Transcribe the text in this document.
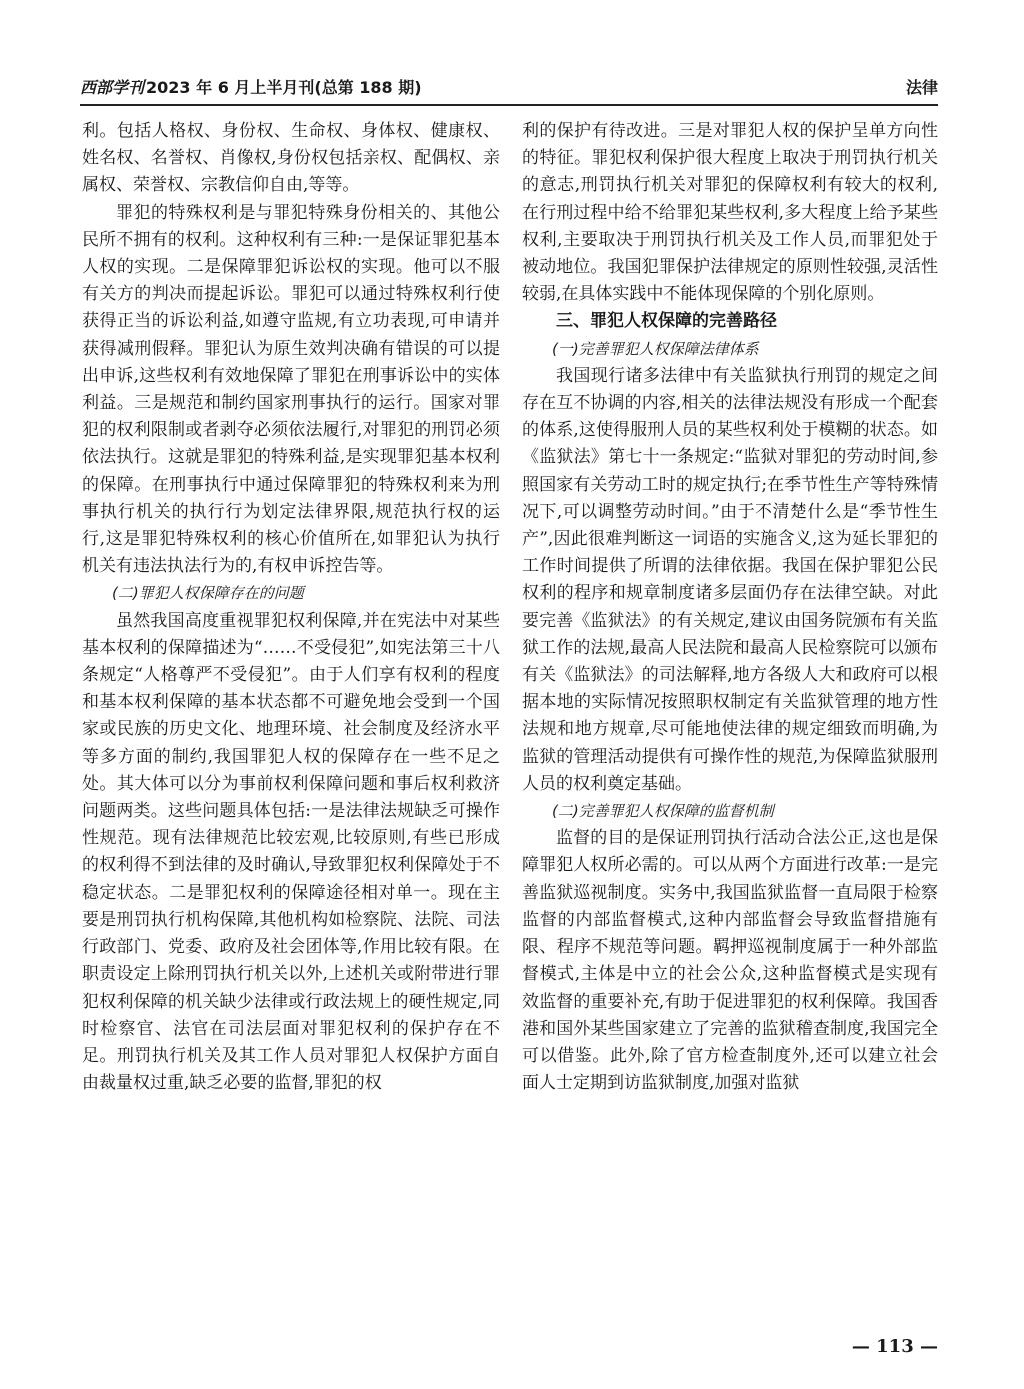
西部学刊 2023 年 6 月上半月刊(总第 188 期)	法律

利。包括人格权、身份权、生命权、身体权、健康权、姓名权、名誉权、肖像权,身份权包括亲权、配偶权、亲属权、荣誉权、宗教信仰自由,等等。

罪犯的特殊权利是与罪犯特殊身份相关的、其他公民所不拥有的权利。这种权利有三种:一是保证罪犯基本人权的实现。二是保障罪犯诉讼权的实现。他可以不服有关方的判决而提起诉讼。罪犯可以通过特殊权利行使获得正当的诉讼利益,如遵守监规,有立功表现,可申请并获得减刑假释。罪犯认为原生效判决确有错误的可以提出申诉,这些权利有效地保障了罪犯在刑事诉讼中的实体利益。三是规范和制约国家刑事执行的运行。国家对罪犯的权利限制或者剥夺必须依法履行,对罪犯的刑罚必须依法执行。这就是罪犯的特殊利益,是实现罪犯基本权利的保障。在刑事执行中通过保障罪犯的特殊权利来为刑事执行机关的执行行为划定法律界限,规范执行权的运行,这是罪犯特殊权利的核心价值所在,如罪犯认为执行机关有违法执法行为的,有权申诉控告等。

(二)罪犯人权保障存在的问题

虽然我国高度重视罪犯权利保障,并在宪法中对某些基本权利的保障描述为“……不受侵犯”,如宪法第三十八条规定“人格尊严不受侵犯”。由于人们享有权利的程度和基本权利保障的基本状态都不可避免地会受到一个国家或民族的历史文化、地理环境、社会制度及经济水平等多方面的制约,我国罪犯人权的保障存在一些不足之处。其大体可以分为事前权利保障问题和事后权利救济问题两类。这些问题具体包括:一是法律法规缺乏可操作性规范。现有法律规范比较宏观,比较原则,有些已形成的权利得不到法律的及时确认,导致罪犯权利保障处于不稳定状态。二是罪犯权利的保障途径相对单一。现在主要是刑罚执行机构保障,其他机构如检察院、法院、司法行政部门、党委、政府及社会团体等,作用比较有限。在职责设定上除刑罚执行机关以外,上述机关或附带进行罪犯权利保障的机关缺少法律或行政法规上的硬性规定,同时检察官、法官在司法层面对罪犯权利的保护存在不足。刑罚执行机关及其工作人员对罪犯人权保护方面自由裁量权过重,缺乏必要的监督,罪犯的权

利的保护有待改进。三是对罪犯人权的保护呈单方向性的特征。罪犯权利保护很大程度上取决于刑罚执行机关的意志,刑罚执行机关对罪犯的保障权利有较大的权利,在行刑过程中给不给罪犯某些权利,多大程度上给予某些权利,主要取决于刑罚执行机关及工作人员,而罪犯处于被动地位。我国犯罪保护法律规定的原则性较强,灵活性较弱,在具体实践中不能体现保障的个别化原则。

三、罪犯人权保障的完善路径

(一)完善罪犯人权保障法律体系

我国现行诸多法律中有关监狱执行刑罚的规定之间存在互不协调的内容,相关的法律法规没有形成一个配套的体系,这使得服刑人员的某些权利处于模糊的状态。如《监狱法》第七十一条规定:“监狱对罪犯的劳动时间,参照国家有关劳动工时的规定执行;在季节性生产等特殊情况下,可以调整劳动时间。”由于不清楚什么是“季节性生产”,因此很难判断这一词语的实施含义,这为延长罪犯的工作时间提供了所谓的法律依据。我国在保护罪犯公民权利的程序和规章制度诸多层面仍存在法律空缺。对此要完善《监狱法》的有关规定,建议由国务院颁布有关监狱工作的法规,最高人民法院和最高人民检察院可以颁布有关《监狱法》的司法解释,地方各级人大和政府可以根据本地的实际情况按照职权制定有关监狱管理的地方性法规和地方规章,尽可能地使法律的规定细致而明确,为监狱的管理活动提供有可操作性的规范,为保障监狱服刑人员的权利奠定基础。

(二)完善罪犯人权保障的监督机制

监督的目的是保证刑罚执行活动合法公正,这也是保障罪犯人权所必需的。可以从两个方面进行改革:一是完善监狱巡视制度。实务中,我国监狱监督一直局限于检察监督的内部监督模式,这种内部监督会导致监督措施有限、程序不规范等问题。羁押巡视制度属于一种外部监督模式,主体是中立的社会公众,这种监督模式是实现有效监督的重要补充,有助于促进罪犯的权利保障。我国香港和国外某些国家建立了完善的监狱稽查制度,我国完全可以借鉴。此外,除了官方检查制度外,还可以建立社会面人士定期到访监狱制度,加强对监狱

— 113 —
